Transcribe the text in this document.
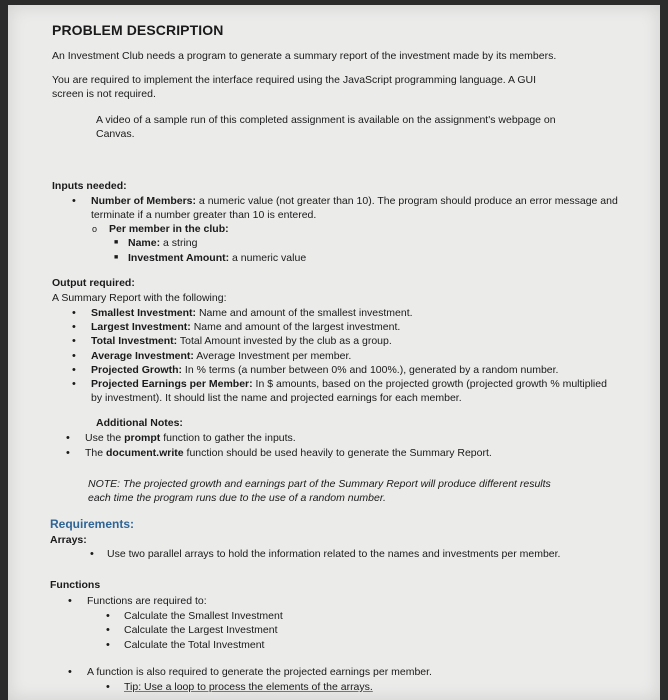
PROBLEM DESCRIPTION
An Investment Club needs a program to generate a summary report of the investment made by its members.
You are required to implement the interface required using the JavaScript programming language. A GUI
screen is not required.
A video of a sample run of this completed assignment is available on the assignment's webpage on
Canvas.
Inputs needed:
• Number of Members: a numeric value (not greater than 10). The program should produce an error message and
terminate if a number greater than 10 is entered.
o Per member in the club:
■ Name: a string
■ Investment Amount: a numeric value
Output required:
A Summary Report with the following:
• Smallest Investment: Name and amount of the smallest investment.
• Largest Investment: Name and amount of the largest investment.
• Total Investment: Total Amount invested by the club as a group.
• Average Investment: Average Investment per member.
• Projected Growth: In % terms (a number between 0% and 100%.), generated by a random number.
• Projected Earnings per Member: In $ amounts, based on the projected growth (projected growth % multiplied
by investment). It should list the name and projected earnings for each member.
Additional Notes:
• Use the prompt function to gather the inputs.
• The document.write function should be used heavily to generate the Summary Report.
NOTE: The projected growth and earnings part of the Summary Report will produce different results
each time the program runs due to the use of a random number.
Requirements:
Arrays:
• Use two parallel arrays to hold the information related to the names and investments per member.
Functions
• Functions are required to:
• Calculate the Smallest Investment
• Calculate the Largest Investment
• Calculate the Total Investment
• A function is also required to generate the projected earnings per member.
• Tip: Use a loop to process the elements of the arrays.
